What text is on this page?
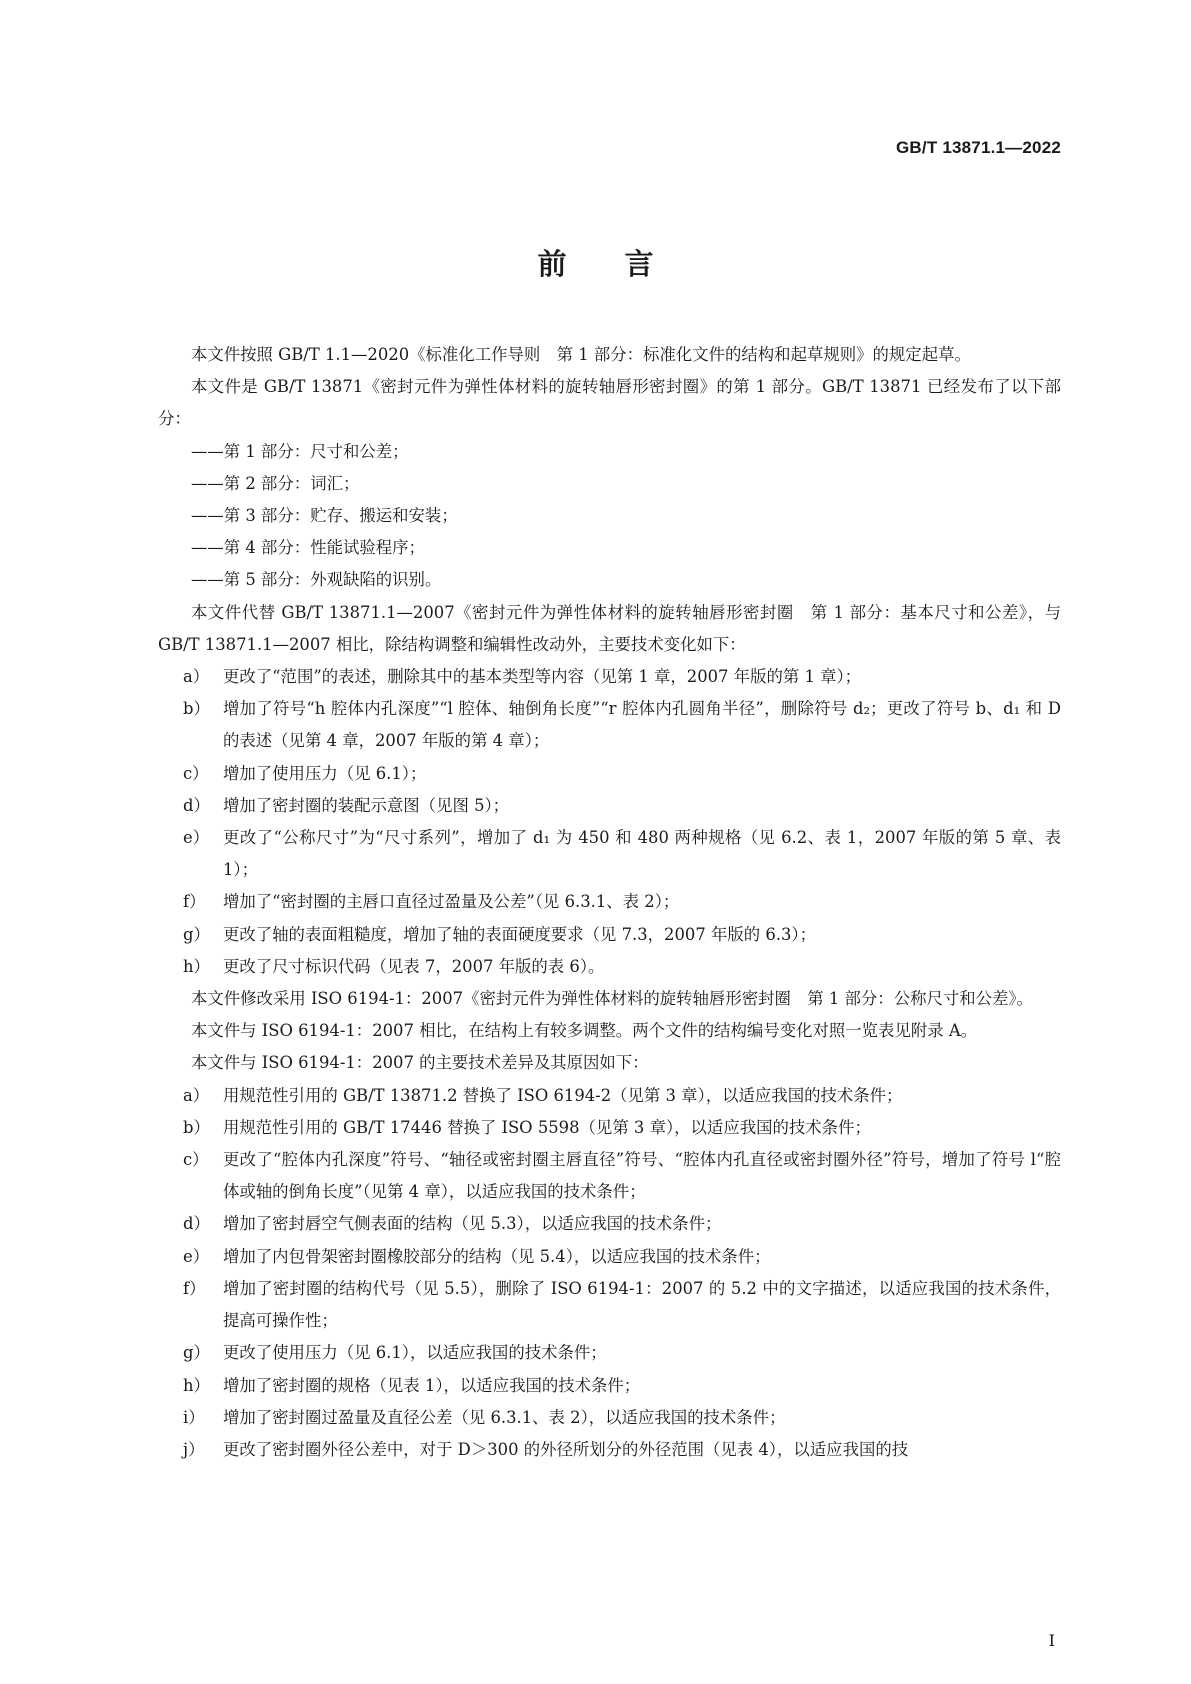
GB/T 13871.1—2022
前言

本文件按照 GB/T 1.1—2020《标准化工作导则　第 1 部分：标准化文件的结构和起草规则》的规定起草。

本文件是 GB/T 13871《密封元件为弹性体材料的旋转轴唇形密封圈》的第 1 部分。GB/T 13871 已经发布了以下部分：

——第 1 部分：尺寸和公差；

——第 2 部分：词汇；

——第 3 部分：贮存、搬运和安装；

——第 4 部分：性能试验程序；

——第 5 部分：外观缺陷的识别。

本文件代替 GB/T 13871.1—2007《密封元件为弹性体材料的旋转轴唇形密封圈　第 1 部分：基本尺寸和公差》，与 GB/T 13871.1—2007 相比，除结构调整和编辑性改动外，主要技术变化如下：

a） 更改了“范围”的表述，删除其中的基本类型等内容（见第 1 章，2007 年版的第 1 章）；
b） 增加了符号“h 腔体内孔深度”“l 腔体、轴倒角长度”“r 腔体内孔圆角半径”，删除符号 d₂；更改了符号 b、d₁ 和 D 的表述（见第 4 章，2007 年版的第 4 章）；
c） 增加了使用压力（见 6.1）；
d） 增加了密封圈的装配示意图（见图 5）；
e） 更改了“公称尺寸”为“尺寸系列”，增加了 d₁ 为 450 和 480 两种规格（见 6.2、表 1，2007 年版的第 5 章、表 1）；
f）	增加了“密封圈的主唇口直径过盈量及公差”（见 6.3.1、表 2）；
g） 更改了轴的表面粗糙度，增加了轴的表面硬度要求（见 7.3，2007 年版的 6.3）；
h） 更改了尺寸标识代码（见表 7，2007 年版的表 6）。

本文件修改采用 ISO 6194-1：2007《密封元件为弹性体材料的旋转轴唇形密封圈　第 1 部分：公称尺寸和公差》。

本文件与 ISO 6194-1：2007 相比，在结构上有较多调整。两个文件的结构编号变化对照一览表见附录 A。

本文件与 ISO 6194-1：2007 的主要技术差异及其原因如下：

a） 用规范性引用的 GB/T 13871.2 替换了 ISO 6194-2（见第 3 章），以适应我国的技术条件；
b） 用规范性引用的 GB/T 17446 替换了 ISO 5598（见第 3 章），以适应我国的技术条件；
c） 更改了“腔体内孔深度”符号、“轴径或密封圈主唇直径”符号、“腔体内孔直径或密封圈外径”符号，增加了符号 l“腔体或轴的倒角长度”（见第 4 章），以适应我国的技术条件；
d） 增加了密封唇空气侧表面的结构（见 5.3），以适应我国的技术条件；
e） 增加了内包骨架密封圈橡胶部分的结构（见 5.4），以适应我国的技术条件；
f）	增加了密封圈的结构代号（见 5.5），删除了 ISO 6194-1：2007 的 5.2 中的文字描述，以适应我国的技术条件，提高可操作性；
g） 更改了使用压力（见 6.1），以适应我国的技术条件；
h） 增加了密封圈的规格（见表 1），以适应我国的技术条件；
i）	增加了密封圈过盈量及直径公差（见 6.3.1、表 2），以适应我国的技术条件；
j）	更改了密封圈外径公差中，对于 D＞300 的外径所划分的外径范围（见表 4），以适应我国的技
I
